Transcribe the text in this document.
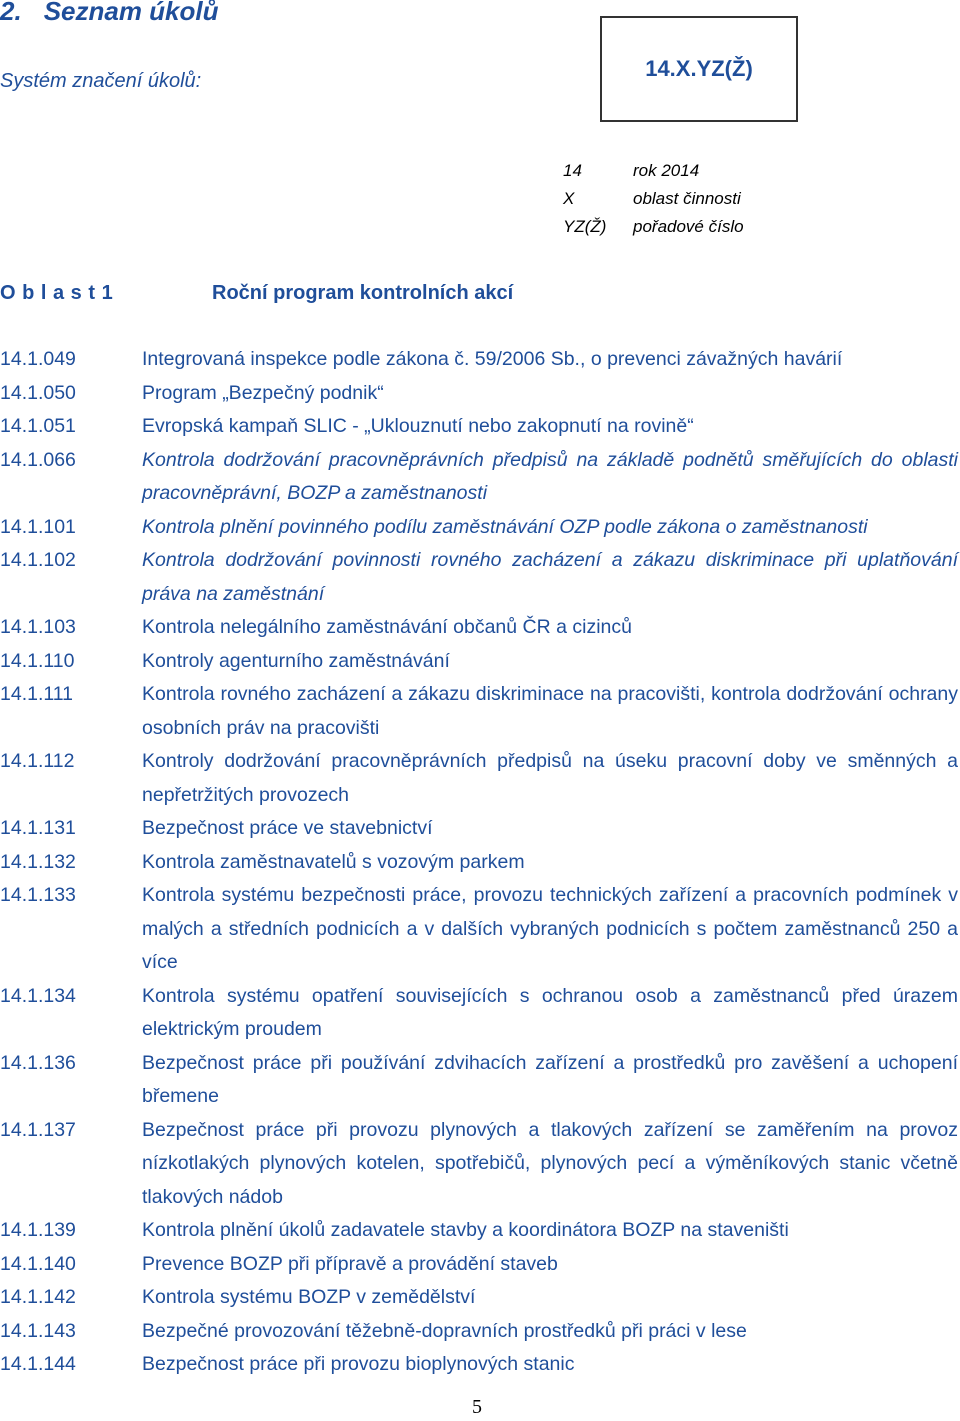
2. Seznam úkolů

Systém značení úkolů:	14.X.YZ(Ž)
14	rok 2014
X	oblast činnosti
YZ(Ž)	pořadové číslo
O b l a s t 1	Roční program kontrolních akcí
14.1.049	Integrovaná inspekce podle zákona č. 59/2006 Sb., o prevenci závažných havárií
14.1.050	Program „Bezpečný podnik“
14.1.051	Evropská kampaň SLIC - „Uklouznutí nebo zakopnutí na rovině“
14.1.066	Kontrola dodržování pracovněprávních předpisů na základě podnětů směřujících do oblasti pracovněprávní, BOZP a zaměstnanosti
14.1.101	Kontrola plnění povinného podílu zaměstnávání OZP podle zákona o zaměstnanosti
14.1.102	Kontrola dodržování povinnosti rovného zacházení a zákazu diskriminace při uplatňování práva na zaměstnání
14.1.103	Kontrola nelegálního zaměstnávání občanů ČR a cizinců
14.1.110	Kontroly agenturního zaměstnávání
14.1.111	Kontrola rovného zacházení a zákazu diskriminace na pracovišti, kontrola dodržování ochrany osobních práv na pracovišti
14.1.112	Kontroly dodržování pracovněprávních předpisů na úseku pracovní doby ve směnných a nepřetržitých provozech
14.1.131	Bezpečnost práce ve stavebnictví
14.1.132	Kontrola zaměstnavatelů s vozovým parkem
14.1.133	Kontrola systému bezpečnosti práce, provozu technických zařízení a pracovních podmínek v malých a středních podnicích a v dalších vybraných podnicích s počtem zaměstnanců 250 a více
14.1.134	Kontrola systému opatření souvisejících s ochranou osob a zaměstnanců před úrazem elektrickým proudem
14.1.136	Bezpečnost práce při používání zdvihacích zařízení a prostředků pro zavěšení a uchopení břemene
14.1.137	Bezpečnost práce při provozu plynových a tlakových zařízení se zaměřením na provoz nízkotlakých plynových kotelen, spotřebičů, plynových pecí a výměníkových stanic včetně tlakových nádob
14.1.139	Kontrola plnění úkolů zadavatele stavby a koordinátora BOZP na staveništi
14.1.140	Prevence BOZP při přípravě a provádění staveb
14.1.142	Kontrola systému BOZP v zemědělství
14.1.143	Bezpečné provozování těžebně-dopravních prostředků při práci v lese
14.1.144	Bezpečnost práce při provozu bioplynových stanic
5
